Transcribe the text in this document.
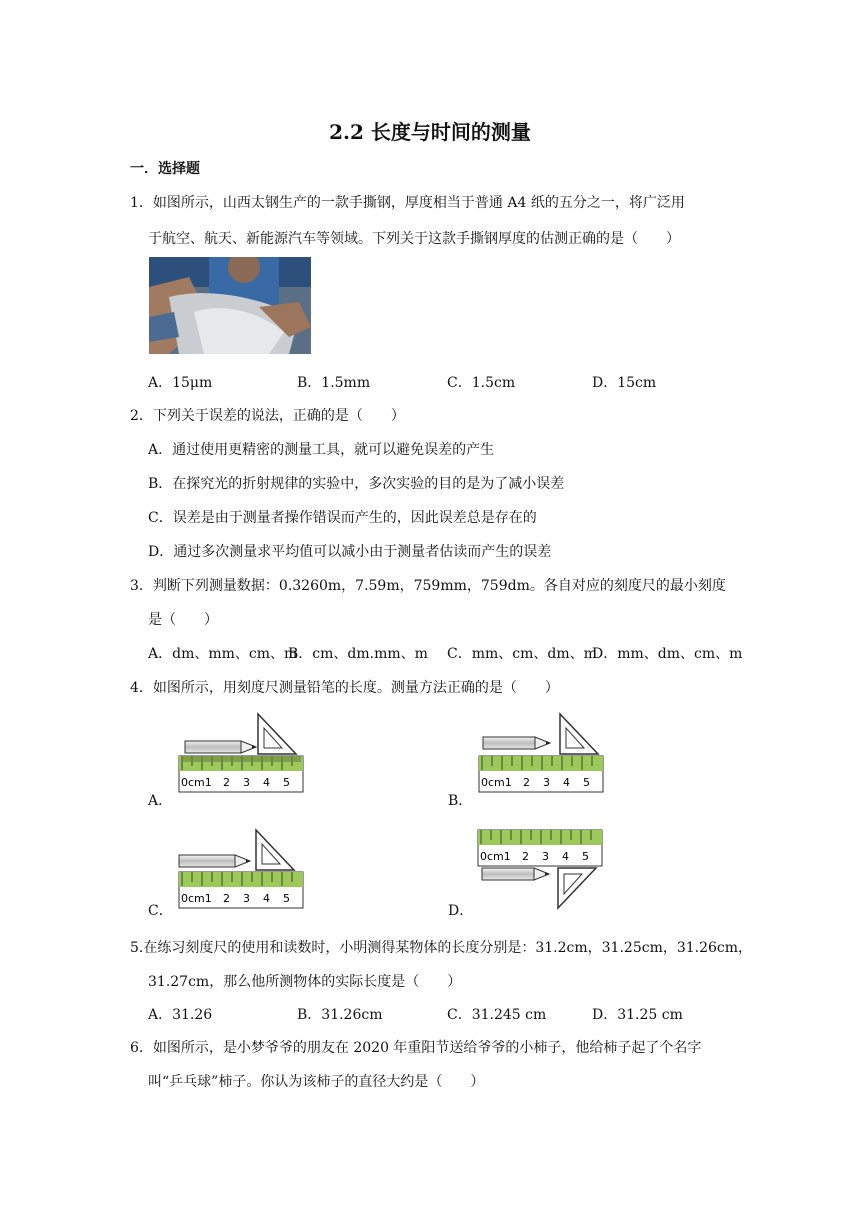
2.2 长度与时间的测量
一．选择题
1．如图所示，山西太钢生产的一款手撕钢，厚度相当于普通 A4 纸的五分之一，将广泛用
于航空、航天、新能源汽车等领域。下列关于这款手撕钢厚度的估测正确的是（　　）
A．15μm	B．1.5mm	C．1.5cm	D．15cm
2．下列关于误差的说法，正确的是（　　）
A．通过使用更精密的测量工具，就可以避免误差的产生
B．在探究光的折射规律的实验中，多次实验的目的是为了减小误差
C．误差是由于测量者操作错误而产生的，因此误差总是存在的
D．通过多次测量求平均值可以减小由于测量者估读而产生的误差
3．判断下列测量数据：0.3260m，7.59m，759mm，759dm。各自对应的刻度尺的最小刻度
是（　　）
A．dm、mm、cm、m
B．cm、dm.mm、m C．mm、cm、dm、m
D．mm、dm、cm、m
4．如图所示，用刻度尺测量铅笔的长度。测量方法正确的是（　　）
0cm1 2 3 4 5
A．
0cm1 2 3 4 5
B．
0cm1 2 3 4 5
C．
0cm1 2 3 4 5
D．
5.在练习刻度尺的使用和读数时，小明测得某物体的长度分别是：31.2cm，31.25cm，31.26cm，
31.27cm，那么他所测物体的实际长度是（　　）
A．31.26	B．31.26cm	C．31.245 cm	D．31.25 cm
6．如图所示，是小梦爷爷的朋友在 2020 年重阳节送给爷爷的小柿子，他给柿子起了个名字
叫“乒乓球”柿子。你认为该柿子的直径大约是（　　）
